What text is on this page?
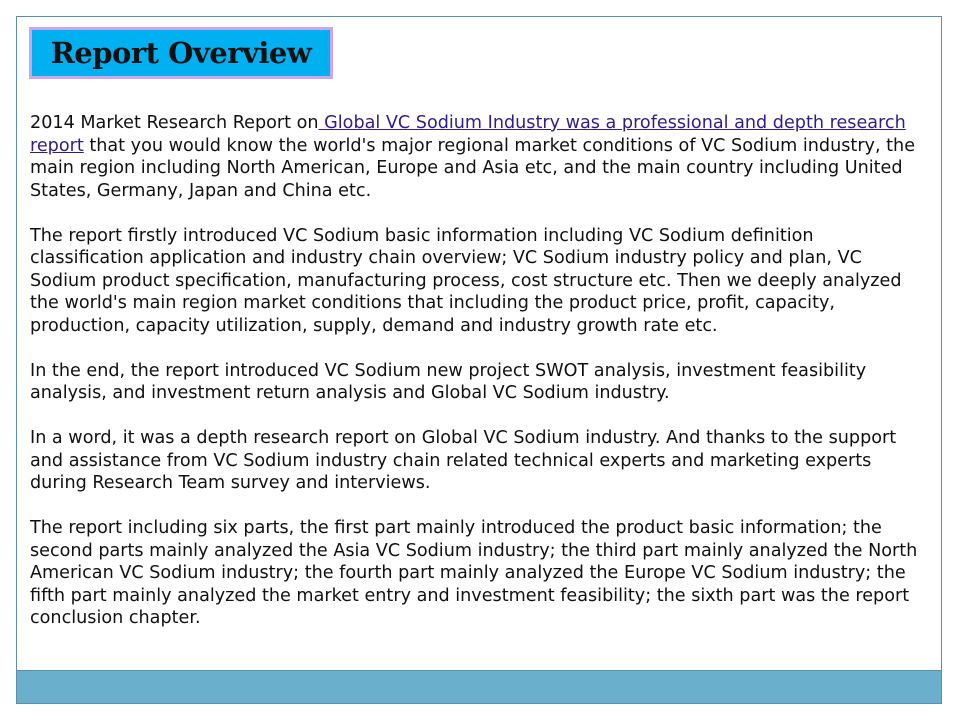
Report Overview

2014 Market Research Report on Global VC Sodium Industry was a professional and depth research report that you would know the world's major regional market conditions of VC Sodium industry, the main region including North American, Europe and Asia etc, and the main country including United States, Germany, Japan and China etc.

The report firstly introduced VC Sodium basic information including VC Sodium definition classification application and industry chain overview; VC Sodium industry policy and plan, VC Sodium product specification, manufacturing process, cost structure etc. Then we deeply analyzed the world's main region market conditions that including the product price, profit, capacity, production, capacity utilization, supply, demand and industry growth rate etc.

In the end, the report introduced VC Sodium new project SWOT analysis, investment feasibility analysis, and investment return analysis and Global VC Sodium industry.

In a word, it was a depth research report on Global VC Sodium industry. And thanks to the support and assistance from VC Sodium industry chain related technical experts and marketing experts during Research Team survey and interviews.

The report including six parts, the first part mainly introduced the product basic information; the second parts mainly analyzed the Asia VC Sodium industry; the third part mainly analyzed the North American VC Sodium industry; the fourth part mainly analyzed the Europe VC Sodium industry; the fifth part mainly analyzed the market entry and investment feasibility; the sixth part was the report conclusion chapter.
